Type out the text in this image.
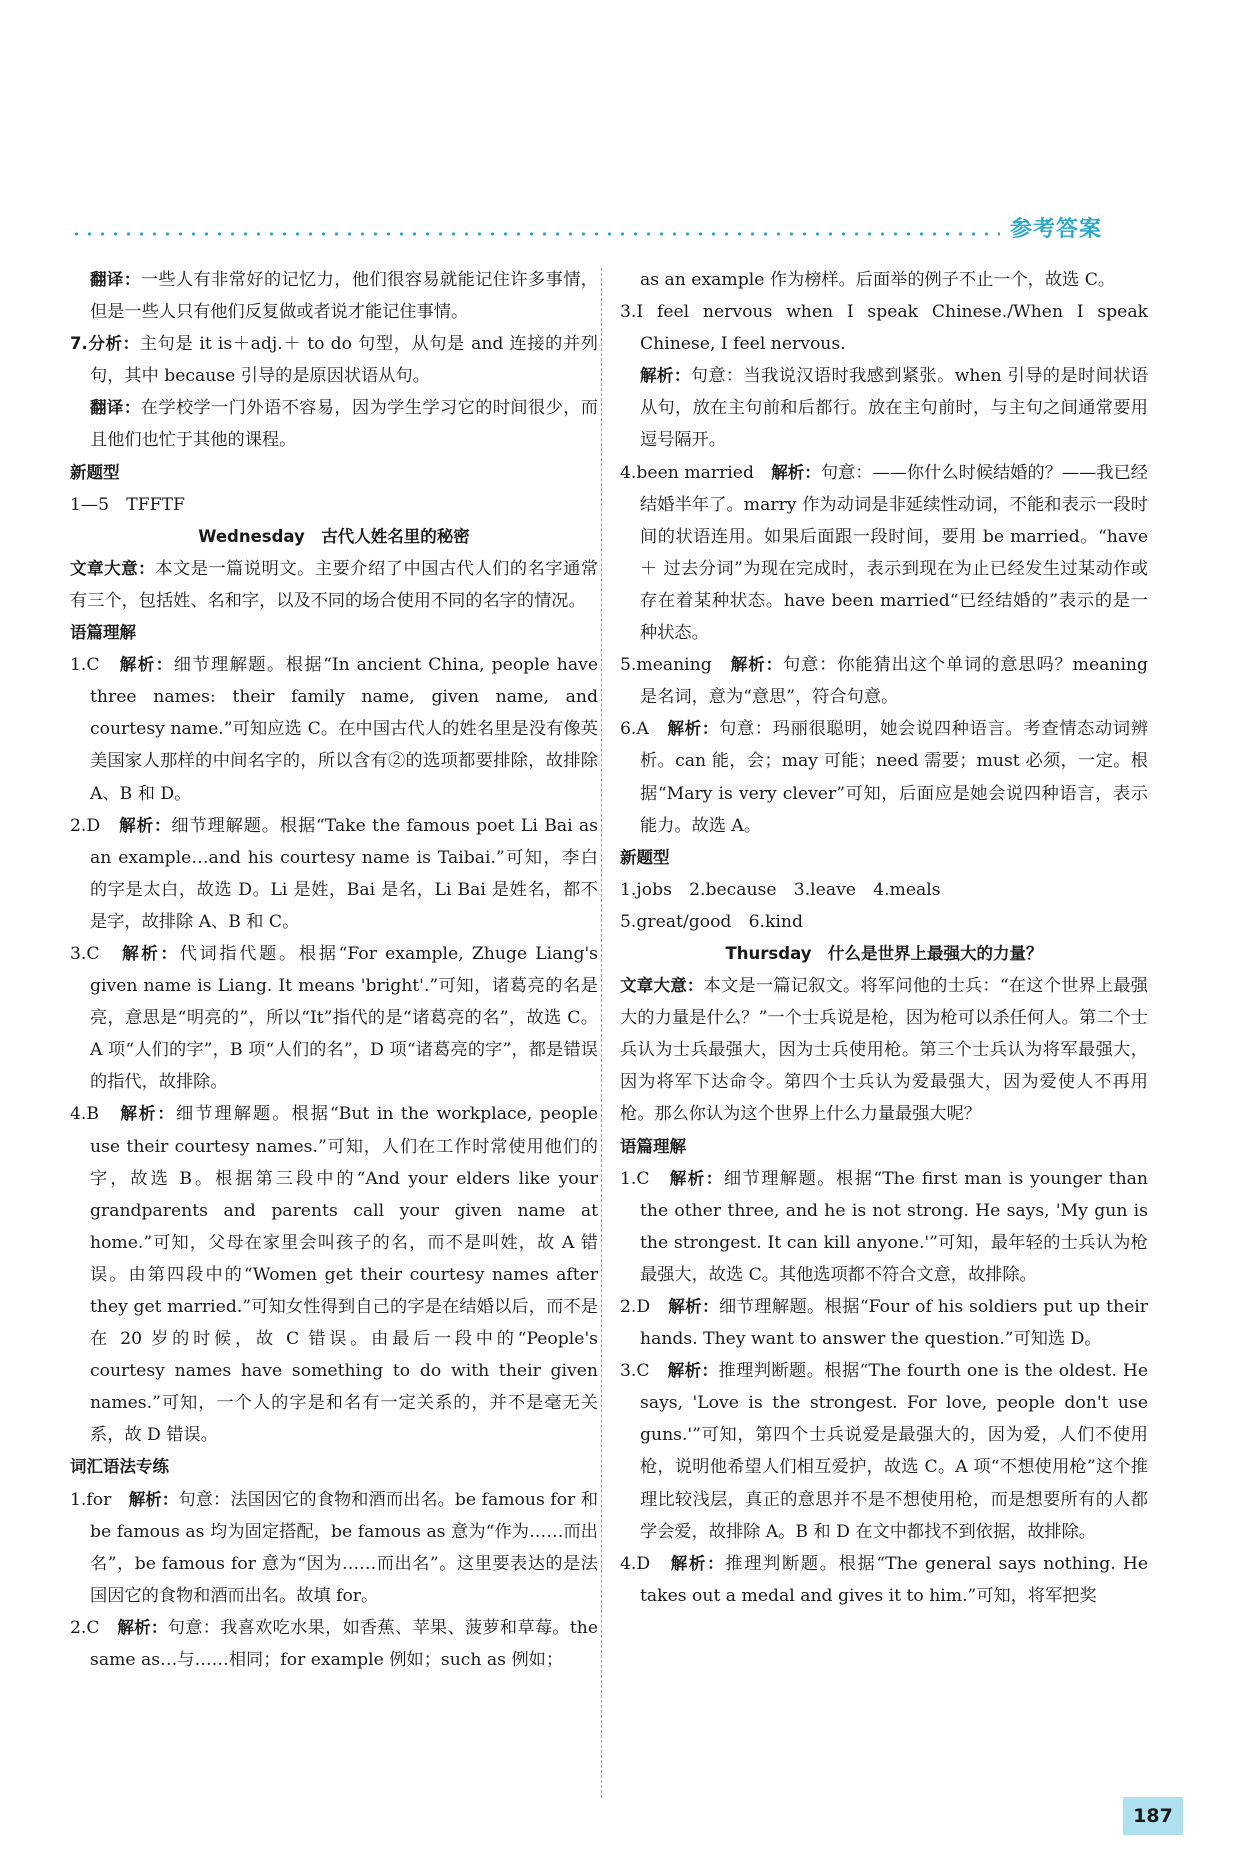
参考答案

翻译：一些人有非常好的记忆力，他们很容易就能记住许多事情，但是一些人只有他们反复做或者说才能记住事情。

7.分析：主句是 it is＋adj.＋ to do 句型，从句是 and 连接的并列句，其中 because 引导的是原因状语从句。

翻译：在学校学一门外语不容易，因为学生学习它的时间很少，而且他们也忙于其他的课程。

新题型

1—5　TFFTF

Wednesday　古代人姓名里的秘密

文章大意：本文是一篇说明文。主要介绍了中国古代人们的名字通常有三个，包括姓、名和字，以及不同的场合使用不同的名字的情况。

语篇理解

1.C　解析：细节理解题。根据“In ancient China, people have three names: their family name, given name, and courtesy name.”可知应选 C。在中国古代人的姓名里是没有像英美国家人那样的中间名字的，所以含有②的选项都要排除，故排除 A、B 和 D。

2.D　解析：细节理解题。根据“Take the famous poet Li Bai as an example…and his courtesy name is Taibai.”可知，李白的字是太白，故选 D。Li 是姓，Bai 是名，Li Bai 是姓名，都不是字，故排除 A、B 和 C。

3.C　解析：代词指代题。根据“For example, Zhuge Liang's given name is Liang. It means 'bright'.”可知，诸葛亮的名是亮，意思是“明亮的”，所以“It”指代的是“诸葛亮的名”，故选 C。A 项“人们的字”，B 项“人们的名”，D 项“诸葛亮的字”，都是错误的指代，故排除。

4.B　解析：细节理解题。根据“But in the workplace, people use their courtesy names.”可知，人们在工作时常使用他们的字，故选 B。根据第三段中的“And your elders like your grandparents and parents call your given name at home.”可知，父母在家里会叫孩子的名，而不是叫姓，故 A 错误。由第四段中的“Women get their courtesy names after they get married.”可知女性得到自己的字是在结婚以后，而不是在 20 岁的时候，故 C 错误。由最后一段中的“People's courtesy names have something to do with their given names.”可知，一个人的字是和名有一定关系的，并不是毫无关系，故 D 错误。

词汇语法专练

1.for　解析：句意：法国因它的食物和酒而出名。be famous for 和 be famous as 均为固定搭配，be famous as 意为“作为……而出名”，be famous for 意为“因为……而出名”。这里要表达的是法国因它的食物和酒而出名。故填 for。

2.C　解析：句意：我喜欢吃水果，如香蕉、苹果、菠萝和草莓。the same as…与……相同；for example 例如；such as 例如；

as an example 作为榜样。后面举的例子不止一个，故选 C。

3.I feel nervous when I speak Chinese./When I speak Chinese, I feel nervous.

解析：句意：当我说汉语时我感到紧张。when 引导的是时间状语从句，放在主句前和后都行。放在主句前时，与主句之间通常要用逗号隔开。

4.been married　解析：句意：——你什么时候结婚的？——我已经结婚半年了。marry 作为动词是非延续性动词，不能和表示一段时间的状语连用。如果后面跟一段时间，要用 be married。“have ＋ 过去分词”为现在完成时，表示到现在为止已经发生过某动作或存在着某种状态。have been married“已经结婚的”表示的是一种状态。

5.meaning　解析：句意：你能猜出这个单词的意思吗？meaning 是名词，意为“意思”，符合句意。

6.A　解析：句意：玛丽很聪明，她会说四种语言。考查情态动词辨析。can 能，会；may 可能；need 需要；must 必须，一定。根据“Mary is very clever”可知，后面应是她会说四种语言，表示能力。故选 A。

新题型

1.jobs　2.because　3.leave　4.meals

5.great/good　6.kind

Thursday　什么是世界上最强大的力量？

文章大意：本文是一篇记叙文。将军问他的士兵：“在这个世界上最强大的力量是什么？”一个士兵说是枪，因为枪可以杀任何人。第二个士兵认为士兵最强大，因为士兵使用枪。第三个士兵认为将军最强大，因为将军下达命令。第四个士兵认为爱最强大，因为爱使人不再用枪。那么你认为这个世界上什么力量最强大呢？

语篇理解

1.C　解析：细节理解题。根据“The first man is younger than the other three, and he is not strong. He says, 'My gun is the strongest. It can kill anyone.'”可知，最年轻的士兵认为枪最强大，故选 C。其他选项都不符合文意，故排除。

2.D　解析：细节理解题。根据“Four of his soldiers put up their hands. They want to answer the question.”可知选 D。

3.C　解析：推理判断题。根据“The fourth one is the oldest. He says, 'Love is the strongest. For love, people don't use guns.'”可知，第四个士兵说爱是最强大的，因为爱，人们不使用枪，说明他希望人们相互爱护，故选 C。A 项“不想使用枪”这个推理比较浅层，真正的意思并不是不想使用枪，而是想要所有的人都学会爱，故排除 A。B 和 D 在文中都找不到依据，故排除。

4.D　解析：推理判断题。根据“The general says nothing. He takes out a medal and gives it to him.”可知，将军把奖

187
